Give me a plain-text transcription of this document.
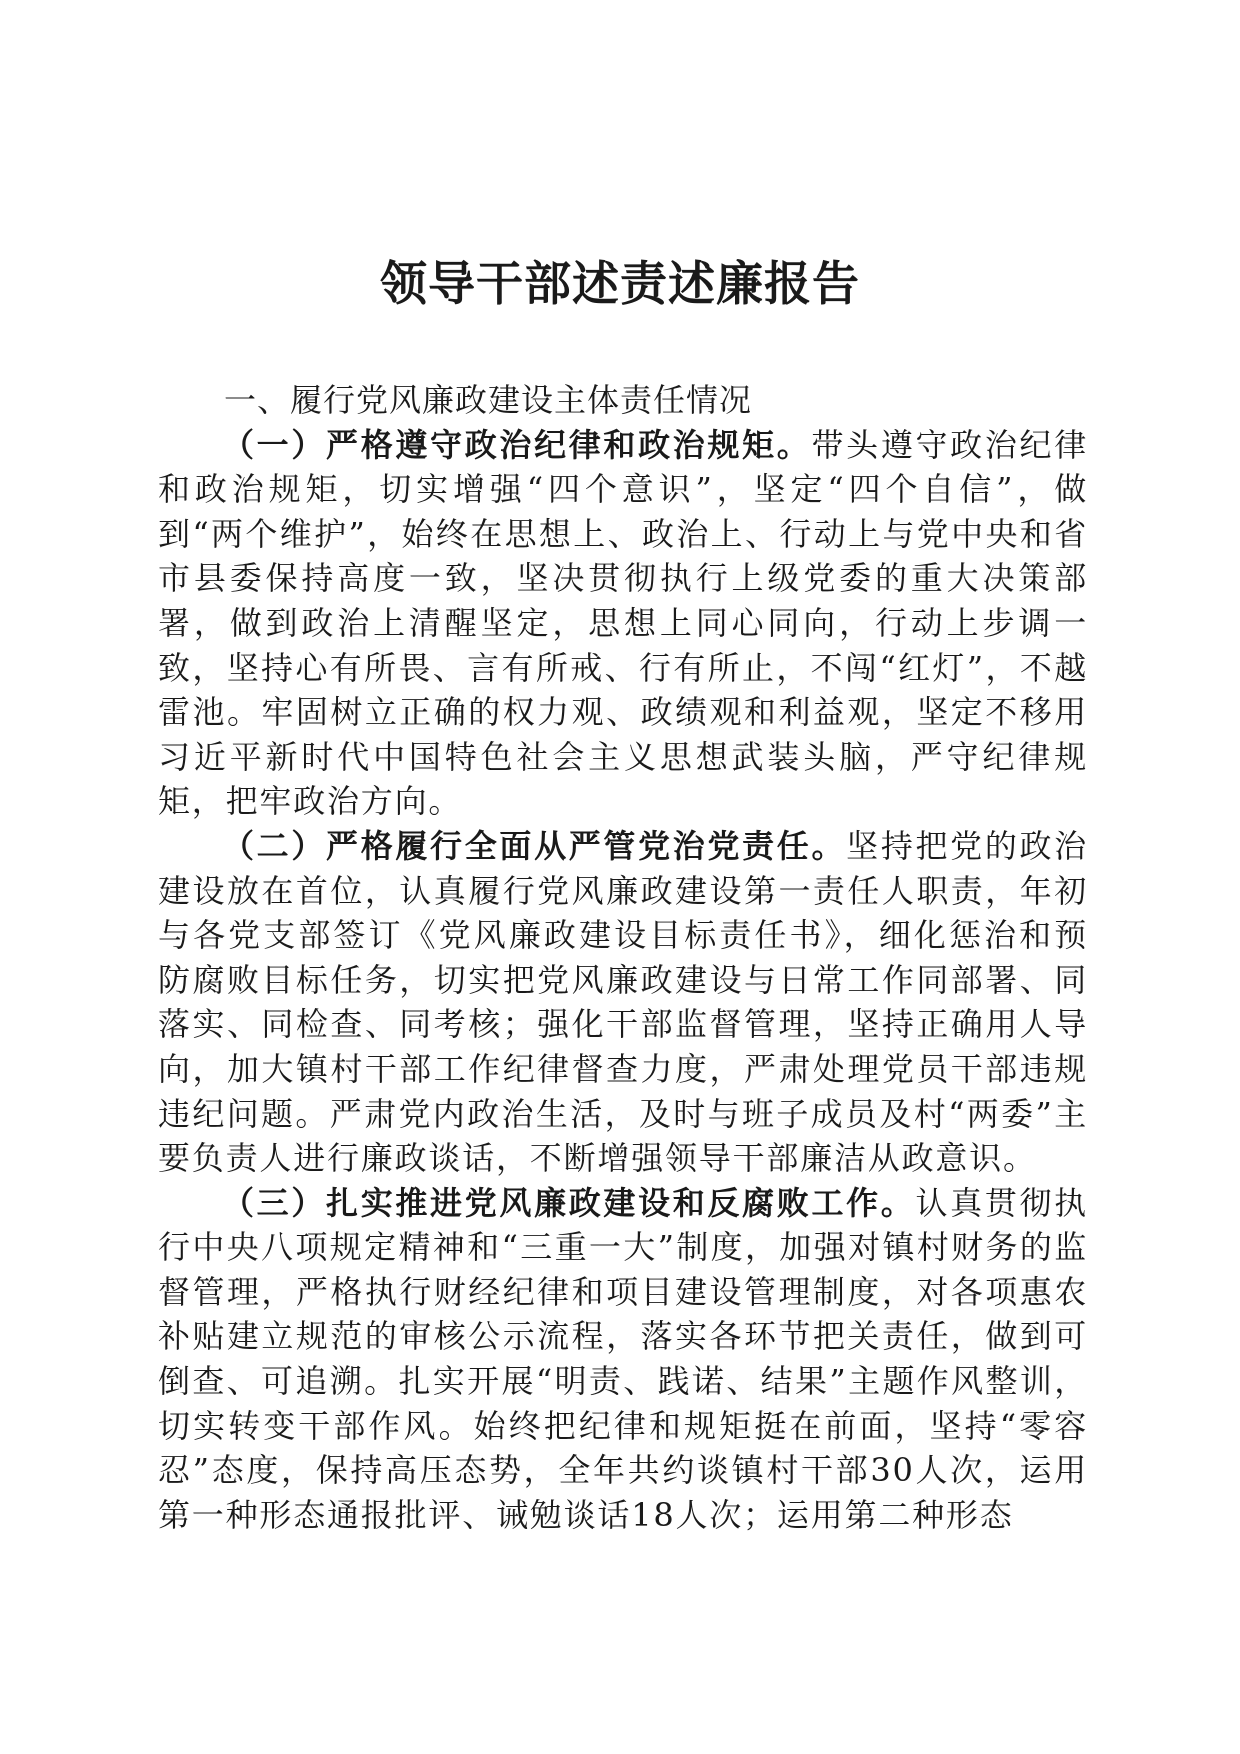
领导干部述责述廉报告

一、履行党风廉政建设主体责任情况

（一）严格遵守政治纪律和政治规矩。带头遵守政治纪律和政治规矩，切实增强“四个意识”，坚定“四个自信”，做到“两个维护”，始终在思想上、政治上、行动上与党中央和省市县委保持高度一致，坚决贯彻执行上级党委的重大决策部署，做到政治上清醒坚定，思想上同心同向，行动上步调一致，坚持心有所畏、言有所戒、行有所止，不闯“红灯”，不越雷池。牢固树立正确的权力观、政绩观和利益观，坚定不移用习近平新时代中国特色社会主义思想武装头脑，严守纪律规矩，把牢政治方向。

（二）严格履行全面从严管党治党责任。坚持把党的政治建设放在首位，认真履行党风廉政建设第一责任人职责，年初与各党支部签订《党风廉政建设目标责任书》，细化惩治和预防腐败目标任务，切实把党风廉政建设与日常工作同部署、同落实、同检查、同考核；强化干部监督管理，坚持正确用人导向，加大镇村干部工作纪律督查力度，严肃处理党员干部违规违纪问题。严肃党内政治生活，及时与班子成员及村“两委”主要负责人进行廉政谈话，不断增强领导干部廉洁从政意识。

（三）扎实推进党风廉政建设和反腐败工作。认真贯彻执行中央八项规定精神和“三重一大”制度，加强对镇村财务的监督管理，严格执行财经纪律和项目建设管理制度，对各项惠农补贴建立规范的审核公示流程，落实各环节把关责任，做到可倒查、可追溯。扎实开展“明责、践诺、结果”主题作风整训，切实转变干部作风。始终把纪律和规矩挺在前面，坚持“零容忍”态度，保持高压态势，全年共约谈镇村干部30人次，运用第一种形态通报批评、诫勉谈话18人次；运用第二种形态
